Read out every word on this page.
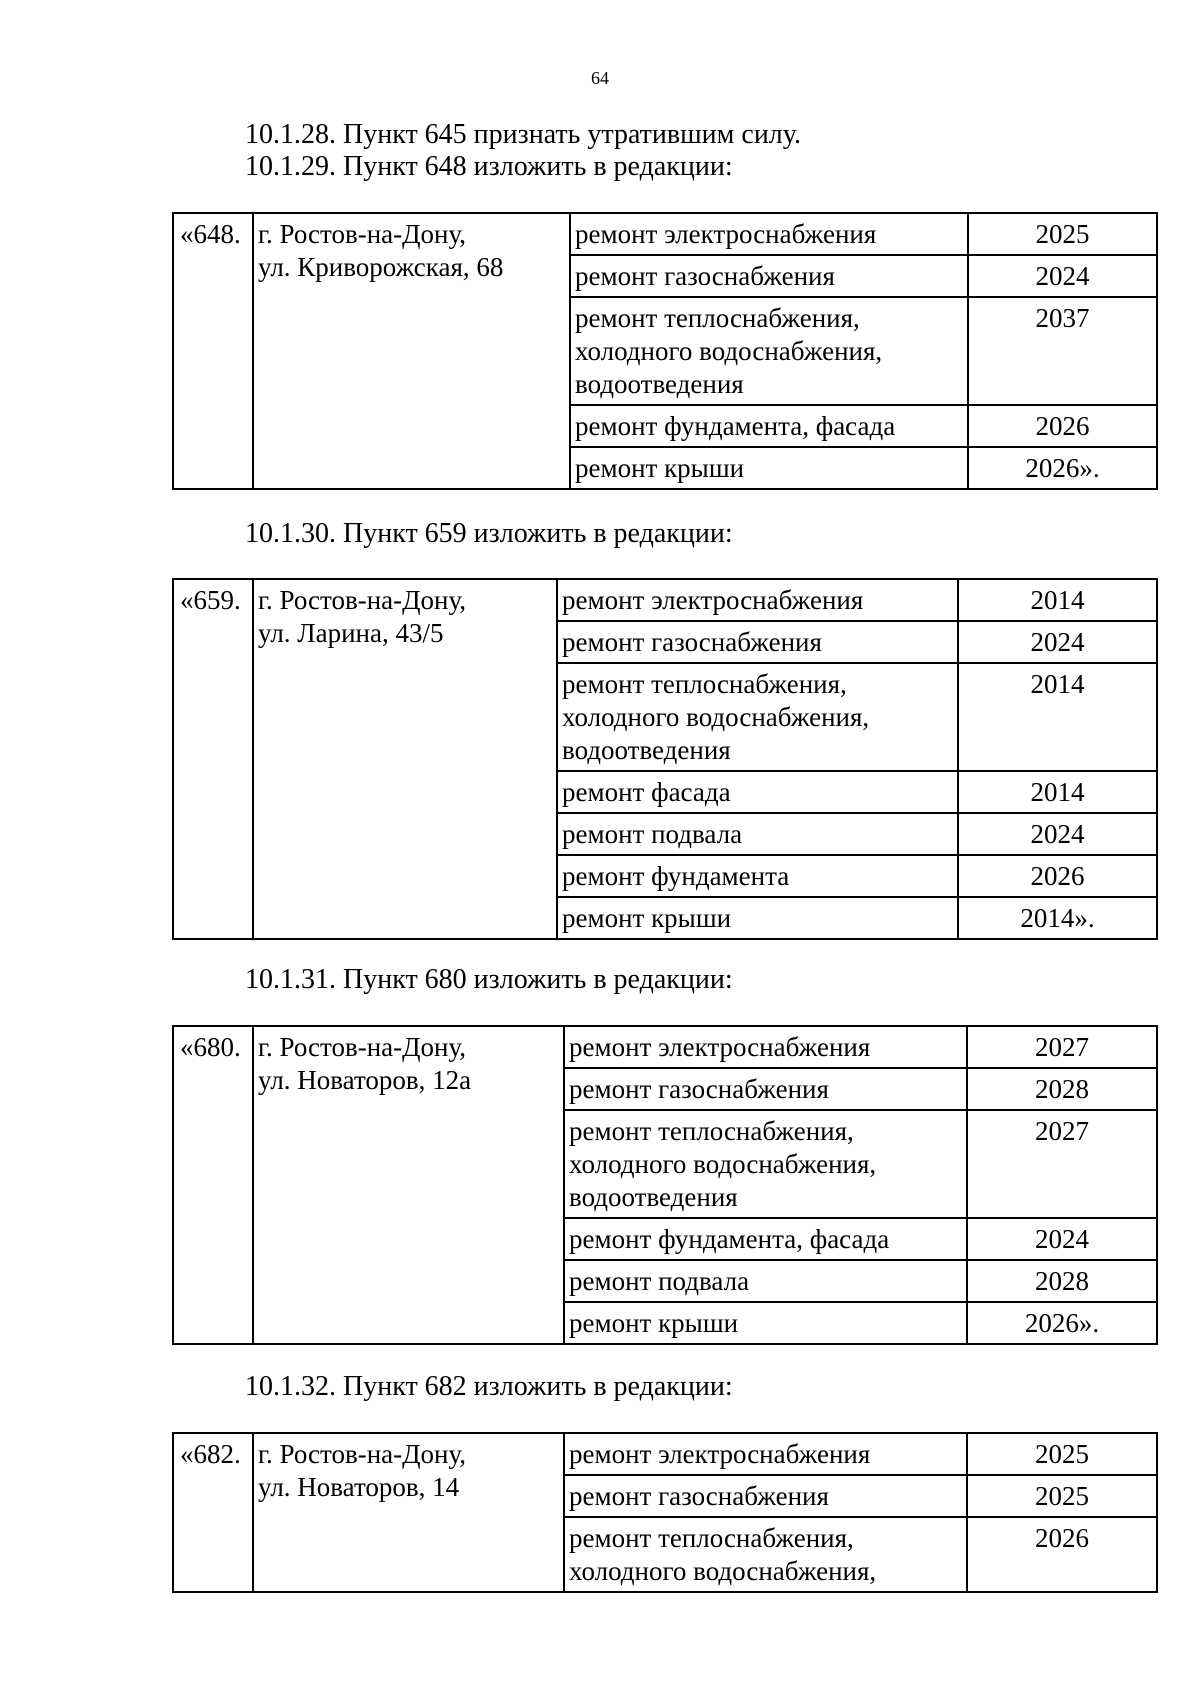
64
10.1.28. Пункт 645 признать утратившим силу.
10.1.29. Пункт 648 изложить в редакции:
«648.	г. Ростов-на-Дону,
ул. Криворожская, 68	ремонт электроснабжения	2025
		ремонт газоснабжения	2024
		ремонт теплоснабжения,
холодного водоснабжения,
водоотведения	2037
		ремонт фундамента, фасада	2026
		ремонт крыши	2026».
10.1.30. Пункт 659 изложить в редакции:
«659.	г. Ростов-на-Дону,
ул. Ларина, 43/5	ремонт электроснабжения	2014
		ремонт газоснабжения	2024
		ремонт теплоснабжения,
холодного водоснабжения,
водоотведения	2014
		ремонт фасада	2014
		ремонт подвала	2024
		ремонт фундамента	2026
		ремонт крыши	2014».
10.1.31. Пункт 680 изложить в редакции:
«680.	г. Ростов-на-Дону,
ул. Новаторов, 12а	ремонт электроснабжения	2027
		ремонт газоснабжения	2028
		ремонт теплоснабжения,
холодного водоснабжения,
водоотведения	2027
		ремонт фундамента, фасада	2024
		ремонт подвала	2028
		ремонт крыши	2026».
10.1.32. Пункт 682 изложить в редакции:
«682.	г. Ростов-на-Дону,
ул. Новаторов, 14	ремонт электроснабжения	2025
		ремонт газоснабжения	2025
		ремонт теплоснабжения,
холодного водоснабжения,	2026
